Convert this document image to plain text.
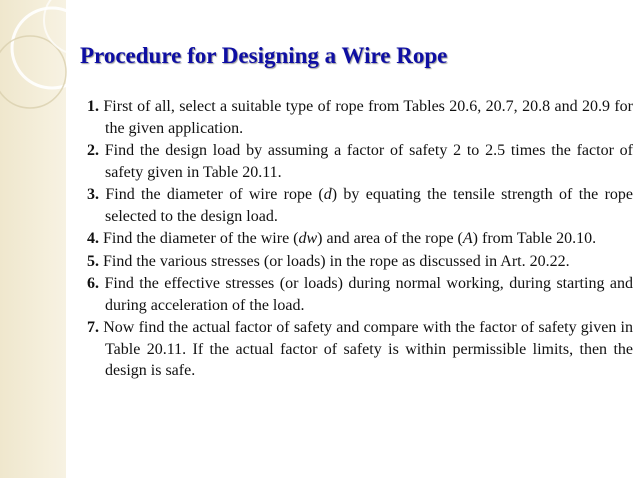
Procedure for Designing a Wire Rope
1. First of all, select a suitable type of rope from Tables 20.6, 20.7, 20.8 and 20.9 for the given application.
2. Find the design load by assuming a factor of safety 2 to 2.5 times the factor of safety given in Table 20.11.
3. Find the diameter of wire rope (d) by equating the tensile strength of the rope selected to the design load.
4. Find the diameter of the wire (dw) and area of the rope (A) from Table 20.10.
5. Find the various stresses (or loads) in the rope as discussed in Art. 20.22.
6. Find the effective stresses (or loads) during normal working, during starting and during acceleration of the load.
7. Now find the actual factor of safety and compare with the factor of safety given in Table 20.11. If the actual factor of safety is within permissible limits, then the design is safe.
